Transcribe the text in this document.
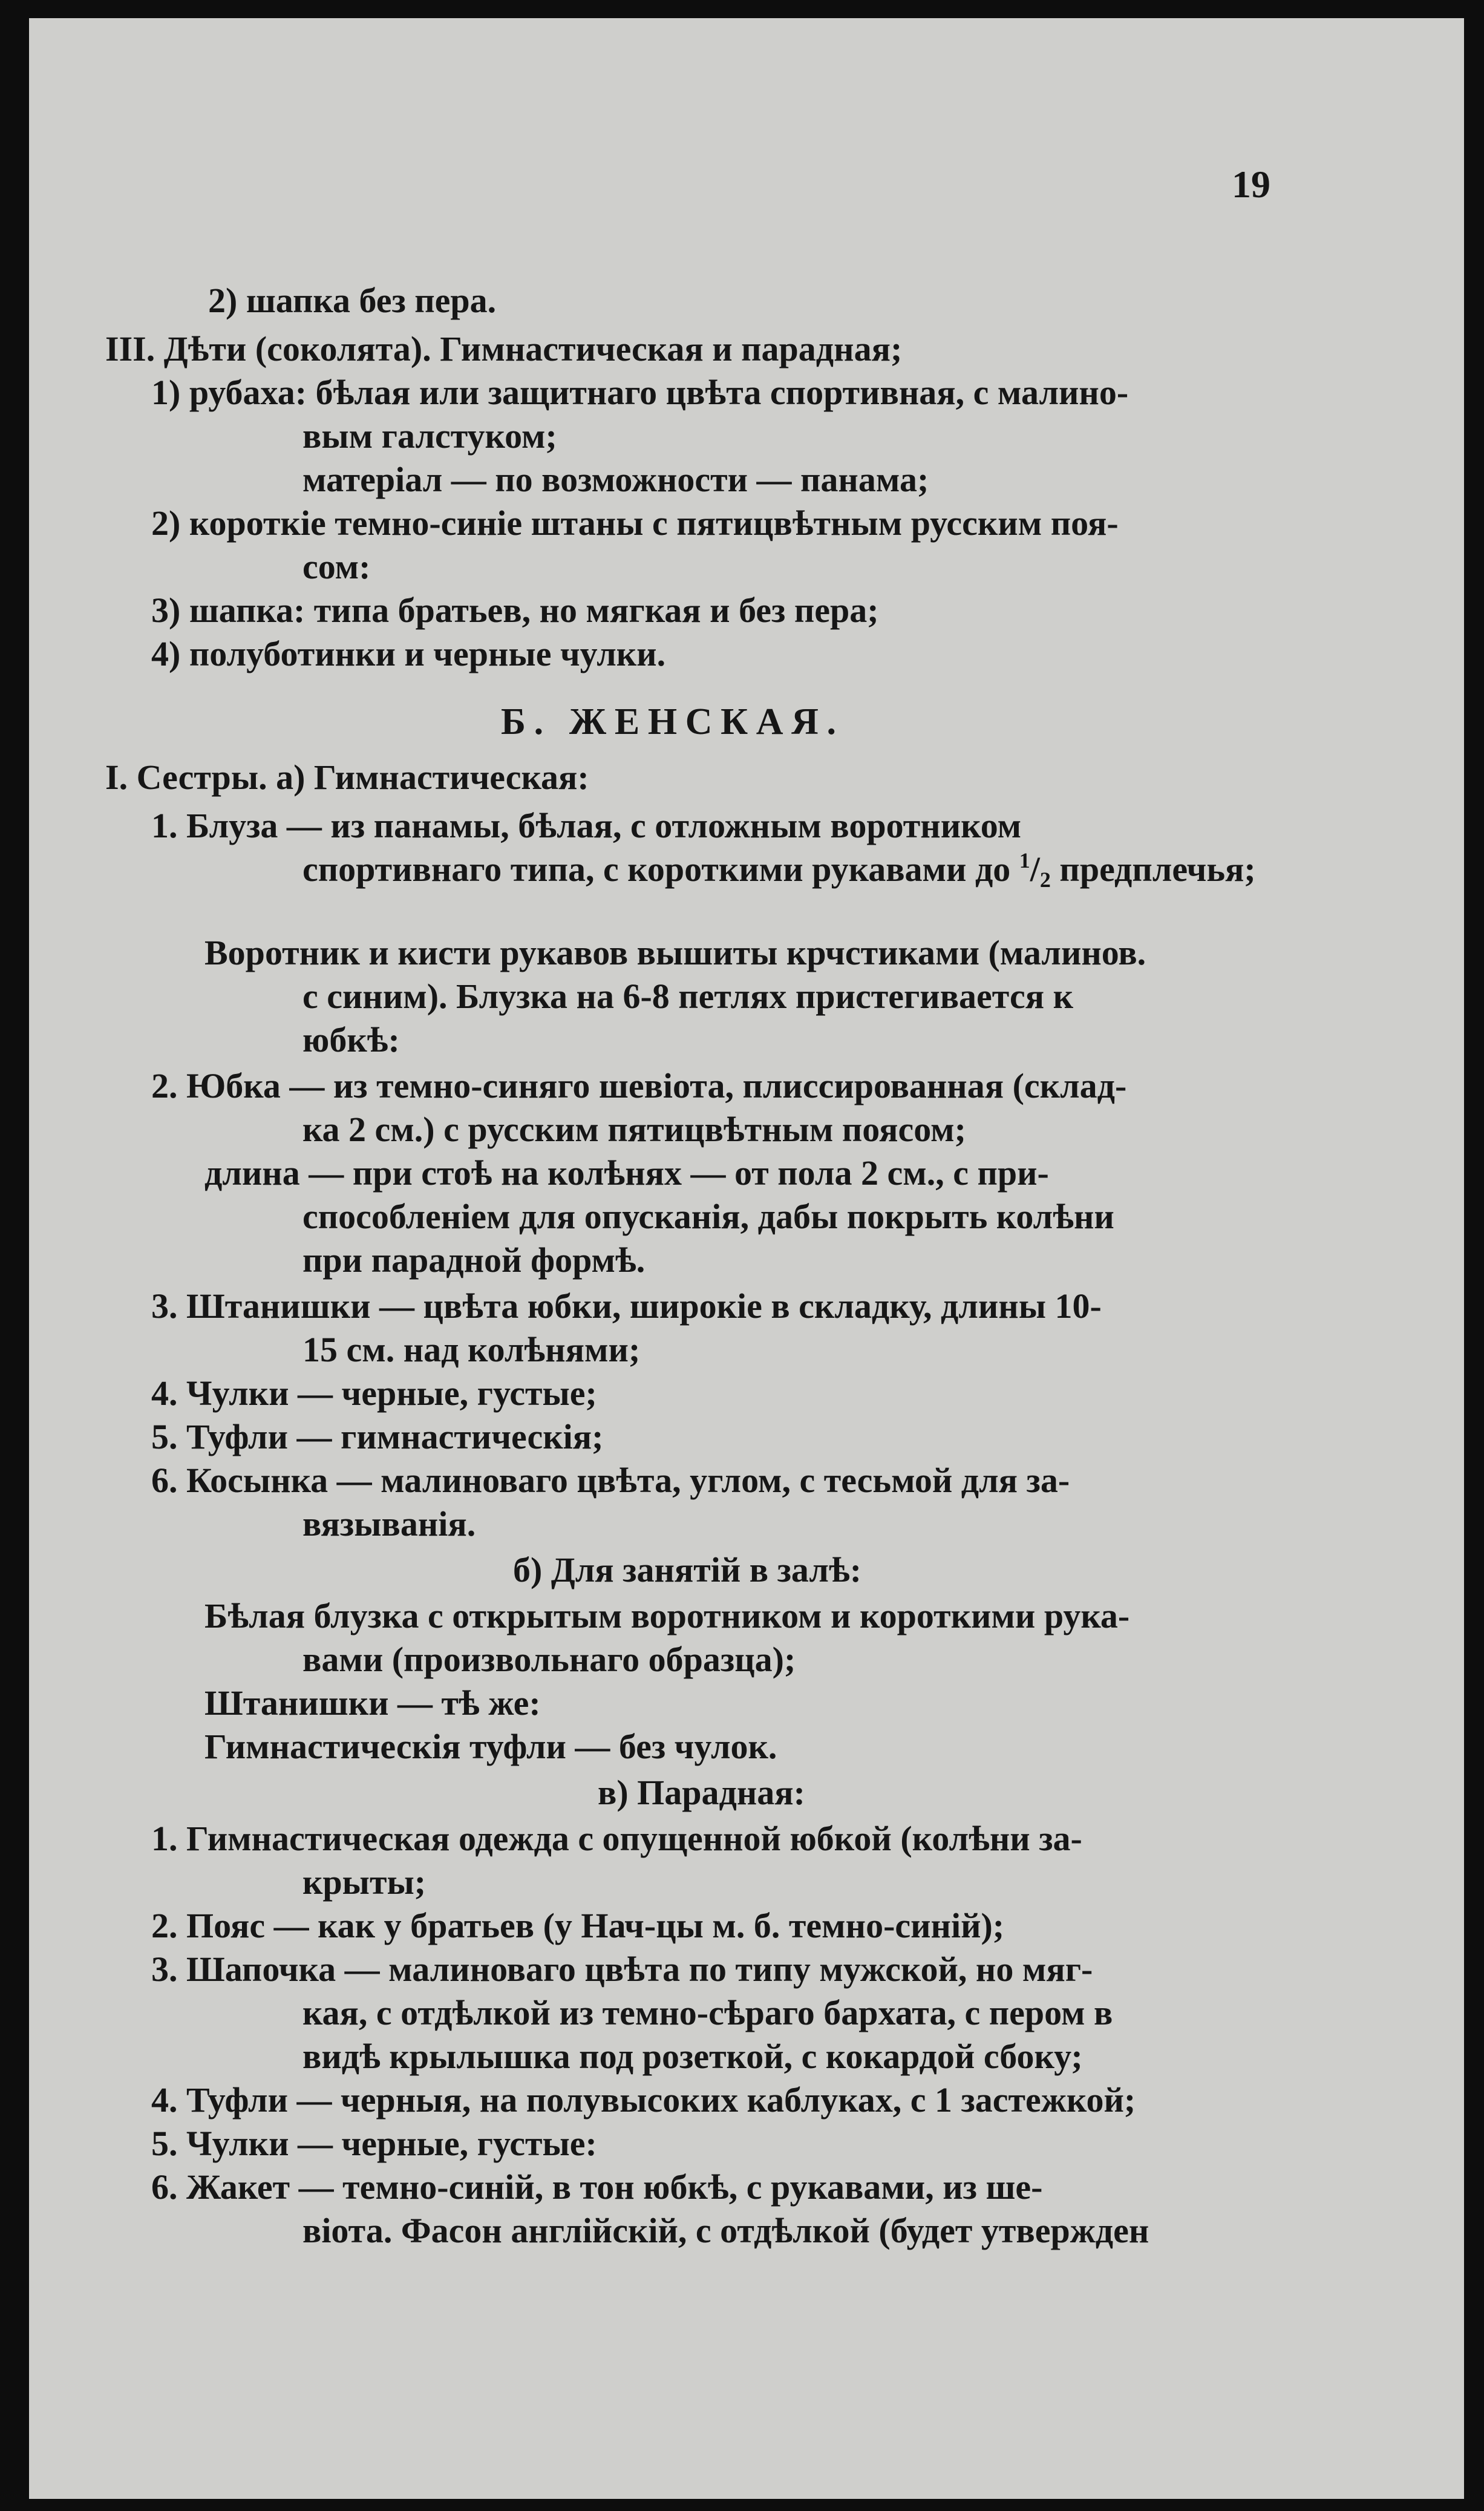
19
2) шапка без пера.
III. Дѣти (соколята). Гимнастическая и парадная;
1) рубаха: бѣлая или защитнаго цвѣта спортивная, с малино-
вым галстуком;
матеріал — по возможности — панама;
2) короткіе темно-синіе штаны с пятицвѣтным русским поя-
сом:
3) шапка: типа братьев, но мягкая и без пера;
4) полуботинки и черные чулки.
Б. ЖЕНСКАЯ.
I. Сестры. а) Гимнастическая:
1. Блуза — из панамы, бѣлая, с отложным воротником
спортивнаго типа, с короткими рукавами до $^1$/2 предплечья;
Воротник и кисти рукавов вышиты крчстиками (малинов.
с синим). Блузка на 6-8 петлях пристегивается к
юбкѣ:
2. Юбка — из темно-синяго шевіота, плиссированная (склад-
ка 2 см.) с русским пятицвѣтным поясом;
длина — при стоѣ на колѣнях — от пола 2 см., с при-
способленіем для опусканія, дабы покрыть колѣни
при парадной формѣ.
3. Штанишки — цвѣта юбки, широкіе в складку, длины 10-
15 см. над колѣнями;
4. Чулки — черные, густые;
5. Туфли — гимнастическія;
6. Косынка — малиноваго цвѣта, углом, с тесьмой для за-
вязыванія.
б) Для занятій в залѣ:
Бѣлая блузка с открытым воротником и короткими рука-
вами (произвольнаго образца);
Штанишки — тѣ же:
Гимнастическія туфли — без чулок.
в) Парадная:
1. Гимнастическая одежда с опущенной юбкой (колѣни за-
крыты;
2. Пояс — как у братьев (у Нач-цы м. б. темно-синій);
3. Шапочка — малиноваго цвѣта по типу мужской, но мяг-
кая, с отдѣлкой из темно-сѣраго бархата, с пером в
видѣ крылышка под розеткой, с кокардой сбоку;
4. Туфли — черныя, на полувысоких каблуках, с 1 застежкой;
5. Чулки — черные, густые:
6. Жакет — темно-синій, в тон юбкѣ, с рукавами, из ше-
віота. Фасон англійскій, с отдѣлкой (будет утвержден
